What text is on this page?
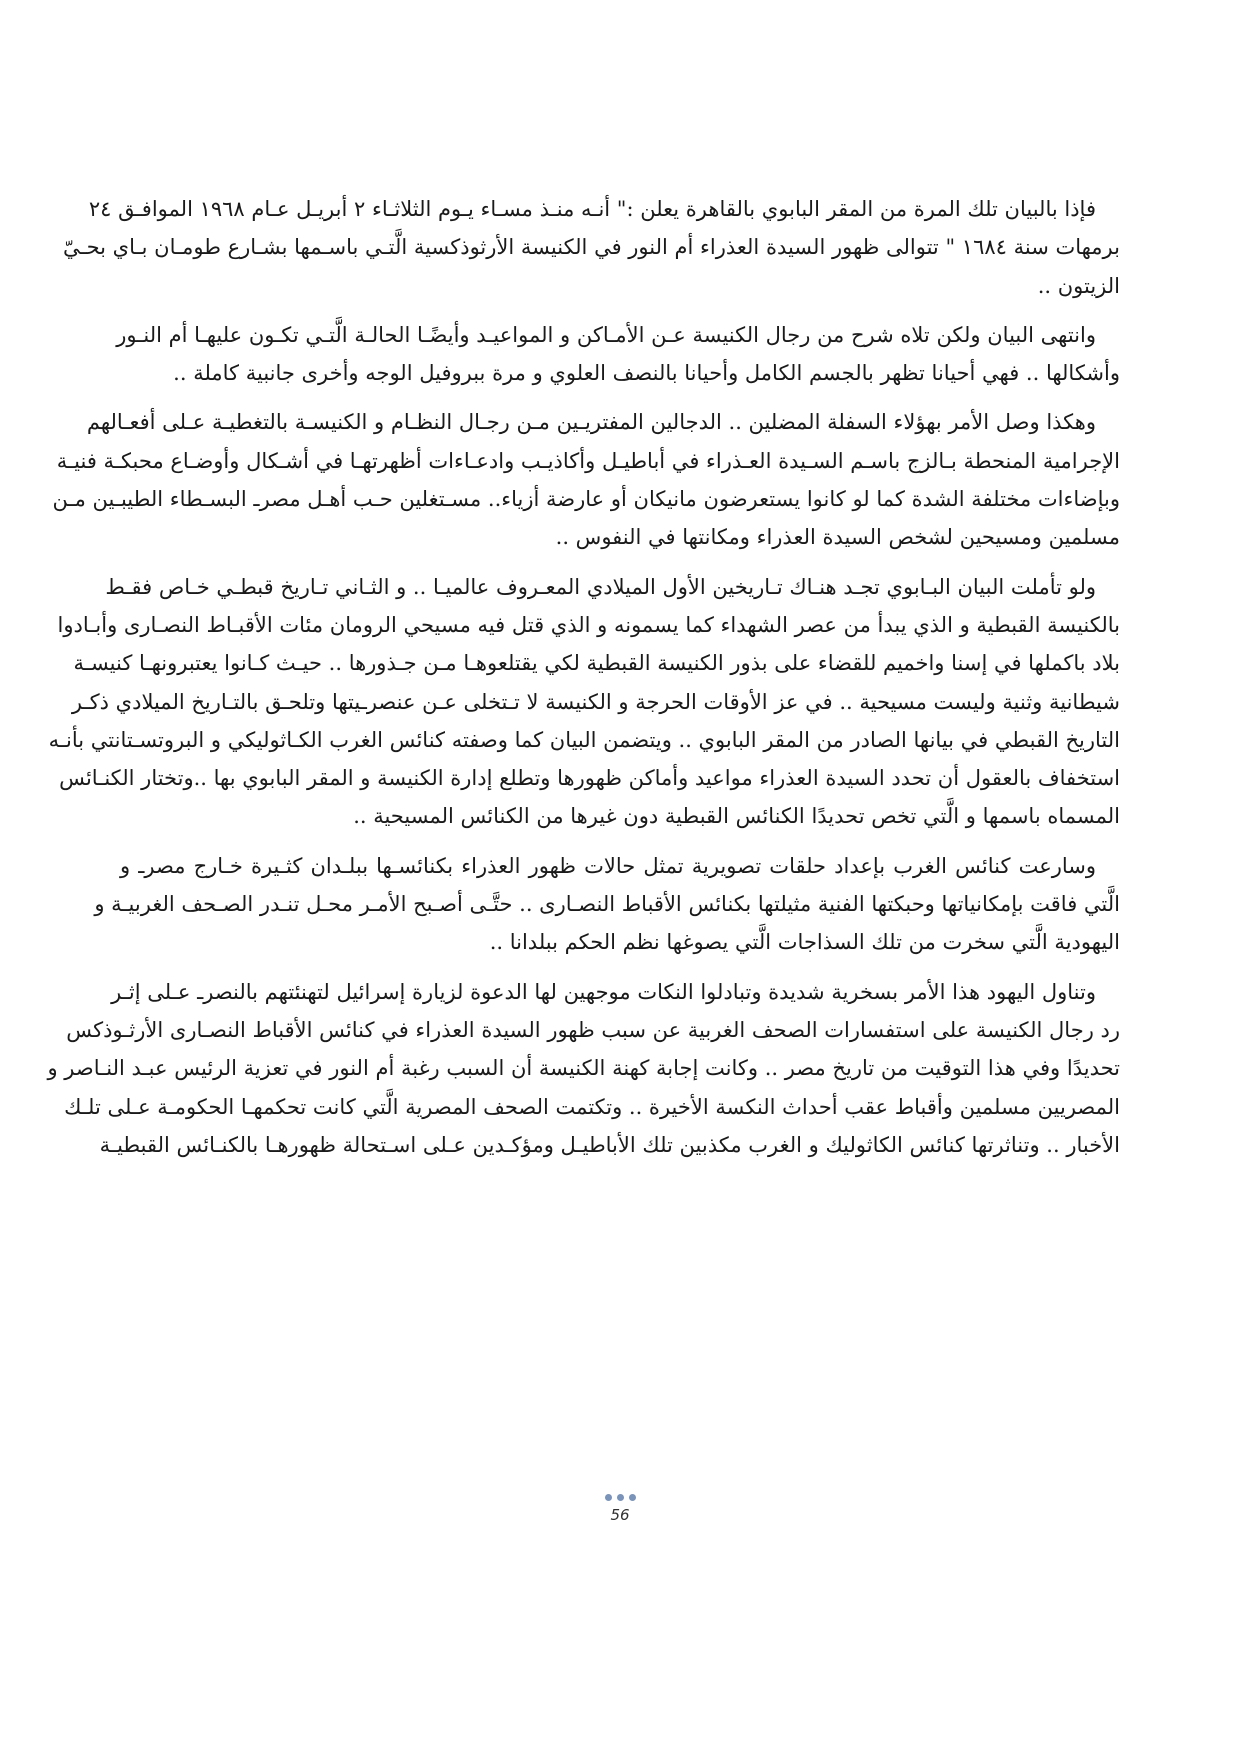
فإذا بالبيان تلك المرة من المقر البابوي بالقاهرة يعلن :" أنـه منـذ مسـاء يـوم الثلاثـاء ٢ أبريـل عـام ١٩٦٨ الموافـق ٢٤
برمهات سنة ١٦٨٤ " تتوالى ظهور السيدة العذراء أم النور في الكنيسة الأرثوذكسية الَّتـي باسـمها بشـارع طومـان بـاي بحـيّ
الزيتون ..
وانتهى البيان ولكن تلاه شرح من رجال الكنيسة عـن الأمـاكن و المواعيـد وأيضًـا الحالـة الَّتـي تكـون عليهـا أم النـور
وأشكالها .. فهي أحيانا تظهر بالجسم الكامل وأحيانا بالنصف العلوي و مرة ببروفيل الوجه وأخرى جانبية كاملة ..
وهكذا وصل الأمر بهؤلاء السفلة المضلين .. الدجالين المفتريـين مـن رجـال النظـام و الكنيسـة بالتغطيـة عـلى أفعـالهم
الإجرامية المنحطة بـالزج باسـم السـيدة العـذراء في أباطيـل وأكاذيـب وادعـاءات أظهرتهـا في أشـكال وأوضـاع محبكـة فنيـة
وبإضاءات مختلفة الشدة كما لو كانوا يستعرضون مانيكان أو عارضة أزياء.. مسـتغلين حـب أهـل مصرـ البسـطاء الطيبـين مـن
مسلمين ومسيحين لشخص السيدة العذراء ومكانتها في النفوس ..
ولو تأملت البيان البـابوي تجـد هنـاك تـاريخين الأول الميلادي المعـروف عالميـا .. و الثـاني تـاريخ قبطـي خـاص فقـط
بالكنيسة القبطية و الذي يبدأ من عصر الشهداء كما يسمونه و الذي قتل فيه مسيحي الرومان مئات الأقبـاط النصـارى وأبـادوا
بلاد باكملها في إسنا واخميم للقضاء على بذور الكنيسة القبطية لكي يقتلعوهـا مـن جـذورها .. حيـث كـانوا يعتبرونهـا كنيسـة
شيطانية وثنية وليست مسيحية .. في عز الأوقات الحرجة و الكنيسة لا تـتخلى عـن عنصرـيتها وتلحـق بالتـاريخ الميلادي ذكـر
التاريخ القبطي في بيانها الصادر من المقر البابوي .. ويتضمن البيان كما وصفته كنائس الغرب الكـاثوليكي و البروتسـتانتي بأنـه
استخفاف بالعقول أن تحدد السيدة العذراء مواعيد وأماكن ظهورها وتطلع إدارة الكنيسة و المقر البابوي بها ..وتختار الكنـائس
المسماه باسمها و الَّتي تخص تحديدًا الكنائس القبطية دون غيرها من الكنائس المسيحية ..
وسارعت كنائس الغرب بإعداد حلقات تصويرية تمثل حالات ظهور العذراء بكنائسـها ببلـدان كثـيرة خـارج مصرـ و
الَّتي فاقت بإمكانياتها وحبكتها الفنية مثيلتها بكنائس الأقباط النصـارى .. حتَّـى أصـبح الأمـر محـل تنـدر الصـحف الغربيـة و
اليهودية الَّتي سخرت من تلك السذاجات الَّتي يصوغها نظم الحكم ببلدانا ..
وتناول اليهود هذا الأمر بسخرية شديدة وتبادلوا النكات موجهين لها الدعوة لزيارة إسرائيل لتهنئتهم بالنصرـ عـلى إثـر
رد رجال الكنيسة على استفسارات الصحف الغربية عن سبب ظهور السيدة العذراء في كنائس الأقباط النصـارى الأرثـوذكس
تحديدًا وفي هذا التوقيت من تاريخ مصر .. وكانت إجابة كهنة الكنيسة أن السبب رغبة أم النور في تعزية الرئيس عبـد النـاصر و
المصريين مسلمين وأقباط عقب أحداث النكسة الأخيرة .. وتكتمت الصحف المصرية الَّتي كانت تحكمهـا الحكومـة عـلى تلـك
الأخبار .. وتناثرتها كنائس الكاثوليك و الغرب مكذبين تلك الأباطيـل ومؤكـدين عـلى اسـتحالة ظهورهـا بالكنـائس القبطيـة
56
